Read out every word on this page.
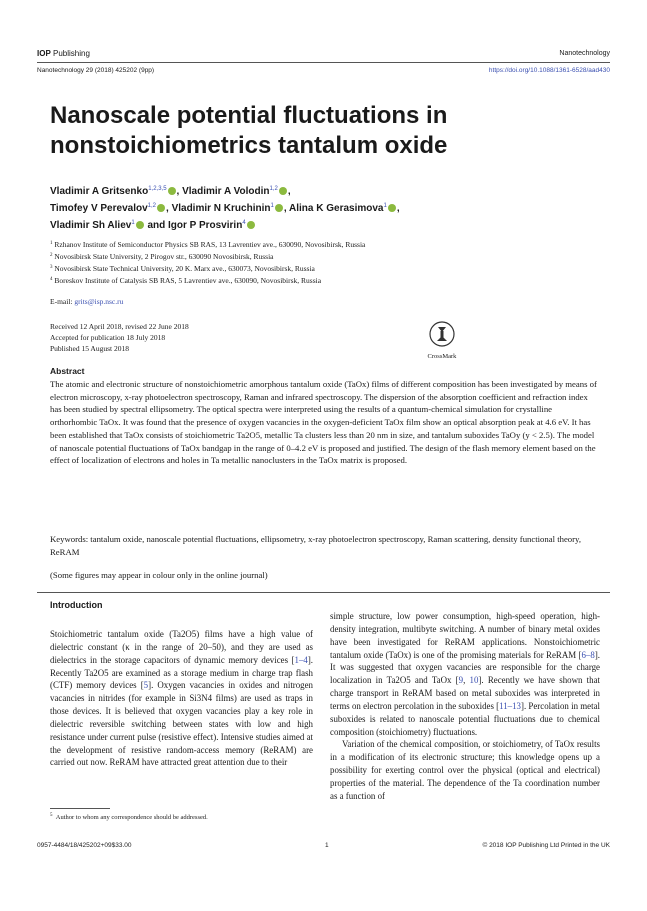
IOP Publishing	Nanotechnology
Nanotechnology 29 (2018) 425202 (9pp)	https://doi.org/10.1088/1361-6528/aad430
Nanoscale potential fluctuations in nonstoichiometrics tantalum oxide
Vladimir A Gritsenko$^{1,2,3,5}$ , Vladimir A Volodin$^{1,2}$ ,
Timofey V Perevalov$^{1,2}$ , Vladimir N Kruchinin$^1$ , Alina K Gerasimova$^1$ ,
Vladimir Sh Aliev$^1$ and Igor P Prosvirin$^4$
$^1$ Rzhanov Institute of Semiconductor Physics SB RAS, 13 Lavrentiev ave., 630090, Novosibirsk, Russia
$^2$ Novosibirsk State University, 2 Pirogov str., 630090 Novosibirsk, Russia
$^3$ Novosibirsk State Technical University, 20 K. Marx ave., 630073, Novosibirsk, Russia
$^4$ Boreskov Institute of Catalysis SB RAS, 5 Lavrentiev ave., 630090, Novosibirsk, Russia
E-mail: grits@isp.nsc.ru
Received 12 April 2018, revised 22 June 2018
Accepted for publication 18 July 2018
Published 15 August 2018
CrossMark
Abstract

The atomic and electronic structure of nonstoichiometric amorphous tantalum oxide (TaOx) films of different composition has been investigated by means of electron microscopy, x-ray photoelectron spectroscopy, Raman and infrared spectroscopy. The dispersion of the absorption coefficient and refraction index has been studied by spectral ellipsometry. The optical spectra were interpreted using the results of a quantum-chemical simulation for crystalline orthorhombic TaOx. It was found that the presence of oxygen vacancies in the oxygen-deficient TaOx film show an optical absorption peak at 4.6 eV. It has been established that TaOx consists of stoichiometric Ta2O5, metallic Ta clusters less than 20 nm in size, and tantalum suboxides TaOy (y < 2.5). The model of nanoscale potential fluctuations of TaOx bandgap in the range of 0–4.2 eV is proposed and justified. The design of the flash memory element based on the effect of localization of electrons and holes in Ta metallic nanoclusters in the TaOx matrix is proposed.

Keywords: tantalum oxide, nanoscale potential fluctuations, ellipsometry, x-ray photoelectron spectroscopy, Raman scattering, density functional theory, ReRAM
(Some figures may appear in colour only in the online journal)
Introduction

Stoichiometric tantalum oxide (Ta2O5) films have a high value of dielectric constant (κ in the range of 20–50), and they are used as dielectrics in the storage capacitors of dynamic memory devices [1–4]. Recently Ta2O5 are examined as a storage medium in charge trap flash (CTF) memory devices [5]. Oxygen vacancies in oxides and nitrogen vacancies in nitrides (for example in Si3N4 films) are used as traps in those devices. It is believed that oxygen vacancies play a key role in dielectric reversible switching between states with low and high resistance under current pulse (resistive effect). Intensive studies aimed at the development of resistive random-access memory (ReRAM) are carried out now. ReRAM have attracted great attention due to their

simple structure, low power consumption, high-speed operation, high-density integration, multibyte switching. A number of binary metal oxides have been investigated for ReRAM applications. Nonstoichiometric tantalum oxide (TaOx) is one of the promising materials for ReRAM [6–8]. It was suggested that oxygen vacancies are responsible for the charge localization in Ta2O5 and TaOx [9, 10]. Recently we have shown that charge transport in ReRAM based on metal suboxides was interpreted in terms on electron percolation in the suboxides [11–13]. Percolation in metal suboxides is related to nanoscale potential fluctuations due to chemical composition (stoichiometry) fluctuations.
Variation of the chemical composition, or stoichiometry, of TaOx results in a modification of its electronic structure; this knowledge opens up a possibility for exerting control over the physical (optical and electrical) properties of the material. The dependence of the Ta coordination number as a function of

$^5$ Author to whom any correspondence should be addressed.
0957-4484/18/425202+09$33.00	1	© 2018 IOP Publishing Ltd Printed in the UK
